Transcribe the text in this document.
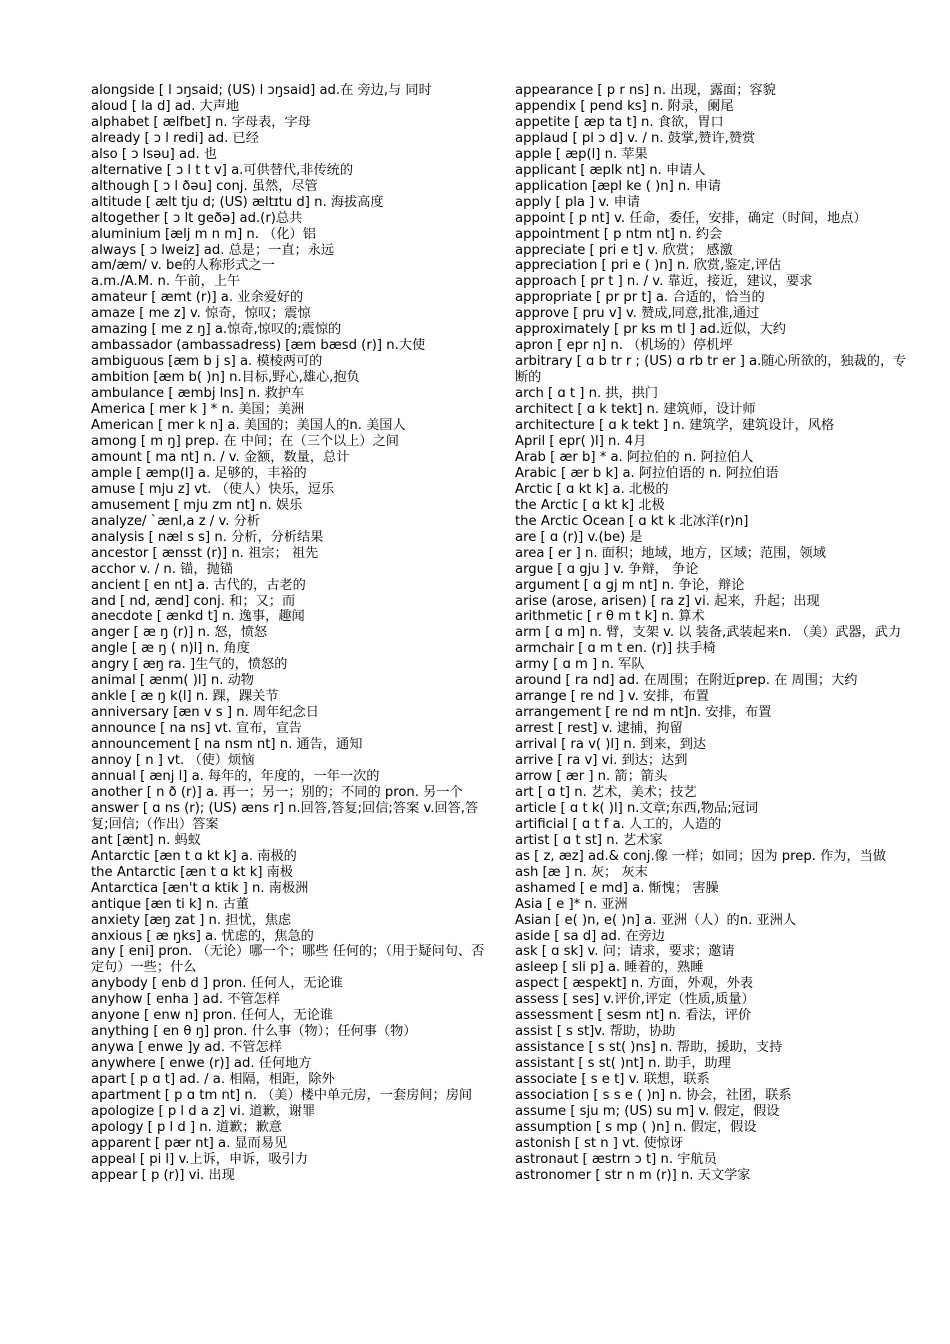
alongside [ l ɔŋsaid; (US) l ɔŋsaid] ad.在 旁边,与 同时
aloud [ la d] ad. 大声地
alphabet [ ælfbet] n. 字母表，字母
already [ ɔ l redi] ad. 已经
also [ ɔ lsəu] ad. 也
alternative [ ɔ l t t v] a.可供替代,非传统的
although [ ɔ l ðəu] conj. 虽然，尽管
altitude [ ælt tju d; (US) æltɪtu d] n. 海拔高度
altogether [ ɔ lt geðə] ad.(r)总共
aluminium [ælj m n m] n. （化）铝
always [ ɔ lweiz] ad. 总是；一直；永远
am/æm/ v. be的人称形式之一
a.m./A.M. n. 午前，上午
amateur [ æmt (r)] a. 业余爱好的
amaze [ me z] v. 惊奇，惊叹；震惊
amazing [ me z ŋ] a.惊奇,惊叹的;震惊的
ambassador (ambassadress) [æm bæsd (r)] n.大使
ambiguous [æm b j s] a. 模棱两可的
ambition [æm b( )n] n.目标,野心,雄心,抱负
ambulance [ æmbj lns] n. 救护车
America [ mer k ] * n. 美国；美洲
American [ mer k n] a. 美国的；美国人的n. 美国人
among [ m ŋ] prep. 在 中间；在（三个以上）之间
amount [ ma nt] n. / v. 金额，数量，总计
ample [ æmp(l] a. 足够的，丰裕的
amuse [ mju z] vt. （使人）快乐，逗乐
amusement [ mju zm nt] n. 娱乐
analyze/ `ænl,a z / v. 分析
analysis [ næl s s] n. 分析，分析结果
ancestor [ ænsst (r)] n. 祖宗； 祖先
acchor v. / n. 锚，抛锚
ancient [ en nt] a. 古代的，古老的
and [ nd, ænd] conj. 和；又；而
anecdote [ ænkd t] n. 逸事，趣闻
anger [ æ ŋ (r)] n. 怒，愤怒
angle [ æ ŋ ( n)l] n. 角度
angry [ æŋ ra. ]生气的，愤怒的
animal [ ænm( )l] n. 动物
ankle [ æ ŋ k(l] n. 踝，踝关节
anniversary [æn v s ] n. 周年纪念日
announce [ na ns] vt. 宣布，宣告
announcement [ na nsm nt] n. 通告，通知
annoy [ n ] vt. （使）烦恼
annual [ ænj l] a. 每年的，年度的，一年一次的
another [ n ð (r)] a. 再一；另一；别的；不同的 pron. 另一个
answer [ ɑ ns (r); (US) æns r] n.回答,答复;回信;答案 v.回答,答复;回信;（作出）答案
ant [ænt] n. 蚂蚁
Antarctic [æn t ɑ kt k] a. 南极的
the Antarctic [æn t ɑ kt k] 南极
Antarctica [æn't ɑ ktik ] n. 南极洲
antique [æn ti k] n. 古董
anxiety [æŋ zat ] n. 担忧，焦虑
anxious [ æ ŋks] a. 忧虑的，焦急的
any [ eni] pron. （无论）哪一个；哪些 任何的；（用于疑问句、否定句）一些；什么
anybody [ enb d ] pron. 任何人，无论谁
anyhow [ enha ] ad. 不管怎样
anyone [ enw n] pron. 任何人，无论谁
anything [ en θ ŋ] pron. 什么事（物）；任何事（物）
anywa [ enwe ]y ad. 不管怎样
anywhere [ enwe (r)] ad. 任何地方
apart [ p ɑ t] ad. / a. 相隔，相距，除外
apartment [ p ɑ tm nt] n. （美）楼中单元房，一套房间；房间
apologize [ p l d a z] vi. 道歉，谢罪
apology [ p l d ] n. 道歉；歉意
apparent [ pær nt] a. 显而易见
appeal [ pi l] v.上诉，申诉，吸引力
appear [ p (r)] vi. 出现
appearance [ p r ns] n. 出现，露面；容貌
appendix [ pend ks] n. 附录，阑尾
appetite [ æp ta t] n. 食欲，胃口
applaud [ pl ɔ d] v. / n. 鼓掌,赞许,赞赏
apple [ æp(l] n. 苹果
applicant [ æplk nt] n. 申请人
application [æpl ke ( )n] n. 申请
apply [ pla ] v. 申请
appoint [ p nt] v. 任命，委任，安排，确定（时间，地点）
appointment [ p ntm nt] n. 约会
appreciate [ pri e t] v. 欣赏； 感激
appreciation [ pri e ( )n] n. 欣赏,鉴定,评估
approach [ pr t ] n. / v. 靠近，接近，建议，要求
appropriate [ pr pr t] a. 合适的，恰当的
approve [ pru v] v. 赞成,同意,批准,通过
approximately [ pr ks m tl ] ad.近似，大约
apron [ epr n] n. （机场的）停机坪
arbitrary [ ɑ b tr r ; (US) ɑ rb tr er ] a.随心所欲的，独裁的，专断的
arch [ ɑ t ] n. 拱，拱门
architect [ ɑ k tekt] n. 建筑师，设计师
architecture [ ɑ k tekt ] n. 建筑学，建筑设计，风格
April [ epr( )l] n. 4月
Arab [ ær b] * a. 阿拉伯的 n. 阿拉伯人
Arabic [ ær b k] a. 阿拉伯语的 n. 阿拉伯语
Arctic [ ɑ kt k] a. 北极的
the Arctic [ ɑ kt k] 北极
the Arctic Ocean [ ɑ kt k 北冰洋(r)n]
are [ ɑ (r)] v.(be) 是
area [ er ] n. 面积；地域，地方，区域；范围，领域
argue [ ɑ gju ] v. 争辩， 争论
argument [ ɑ gj m nt] n. 争论，辩论
arise (arose, arisen) [ ra z] vi. 起来，升起；出现
arithmetic [ r θ m t k] n. 算术
arm [ ɑ m] n. 臂，支架 v. 以 装备,武装起来n. （美）武器，武力
armchair [ ɑ m t en. (r)] 扶手椅
army [ ɑ m ] n. 军队
around [ ra nd] ad. 在周围；在附近prep. 在 周围；大约
arrange [ re nd ] v. 安排，布置
arrangement [ re nd m nt]n. 安排，布置
arrest [ rest] v. 逮捕，拘留
arrival [ ra v( )l] n. 到来，到达
arrive [ ra v] vi. 到达；达到
arrow [ ær ] n. 箭；箭头
art [ ɑ t] n. 艺术，美术；技艺
article [ ɑ t k( )l] n.文章;东西,物品;冠词
artificial [ ɑ t f a. 人工的，人造的
artist [ ɑ t st] n. 艺术家
as [ z, æz] ad.& conj.像 一样；如同；因为 prep. 作为，当做
ash [æ ] n. 灰； 灰末
ashamed [ e md] a. 惭愧； 害臊
Asia [ e ]* n. 亚洲
Asian [ e( )n, e( )n] a. 亚洲（人）的n. 亚洲人
aside [ sa d] ad. 在旁边
ask [ ɑ sk] v. 问；请求，要求；邀请
asleep [ sli p] a. 睡着的，熟睡
aspect [ æspekt] n. 方面，外观，外表
assess [ ses] v.评价,评定（性质,质量）
assessment [ sesm nt] n. 看法，评价
assist [ s st]v. 帮助，协助
assistance [ s st( )ns] n. 帮助，援助，支持
assistant [ s st( )nt] n. 助手，助理
associate [ s e t] v. 联想，联系
association [ s s e ( )n] n. 协会，社团，联系
assume [ sju m; (US) su m] v. 假定，假设
assumption [ s mp ( )n] n. 假定，假设
astonish [ st n ] vt. 使惊讶
astronaut [ æstrn ɔ t] n. 宇航员
astronomer [ str n m (r)] n. 天文学家
